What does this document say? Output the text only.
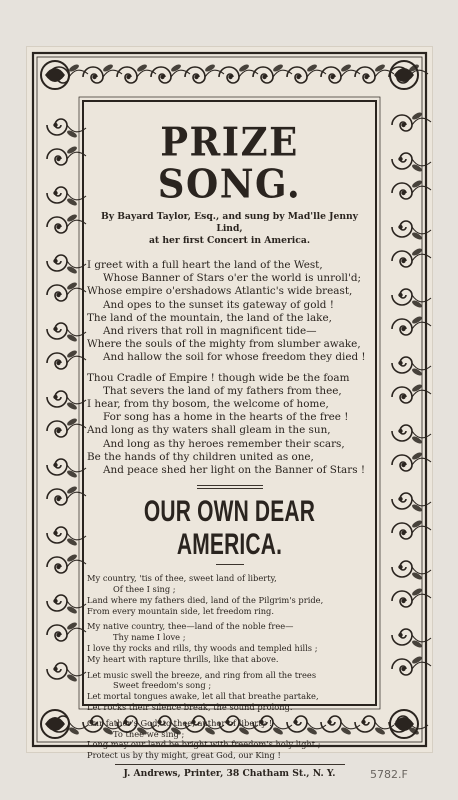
PRIZE SONG.
By Bayard Taylor, Esq., and sung by Mad'lle Jenny Lind,
at her first Concert in America.
I greet with a full heart the land of the West,
Whose Banner of Stars o'er the world is unroll'd;
Whose empire o'ershadows Atlantic's wide breast,
And opes to the sunset its gateway of gold !
The land of the mountain, the land of the lake,
And rivers that roll in magnificent tide—
Where the souls of the mighty from slumber awake,
And hallow the soil for whose freedom they died !
Thou Cradle of Empire ! though wide be the foam
That severs the land of my fathers from thee,
I hear, from thy bosom, the welcome of home,
For song has a home in the hearts of the free !
And long as thy waters shall gleam in the sun,
And long as thy heroes remember their scars,
Be the hands of thy children united as one,
And peace shed her light on the Banner of Stars !
OUR OWN DEAR AMERICA.
My country, 'tis of thee, sweet land of liberty,
Of thee I sing ;
Land where my fathers died, land of the Pilgrim's pride,
From every mountain side, let freedom ring.
My native country, thee—land of the noble free—
Thy name I love ;
I love thy rocks and rills, thy woods and templed hills ;
My heart with rapture thrills, like that above.
Let music swell the breeze, and ring from all the trees
Sweet freedom's song ;
Let mortal tongues awake, let all that breathe partake,
Let rocks their silence break, the sound prolong.
Our father's God, to thee, author of liberty !
To thee we sing ;
Long may our land be bright with freedom's holy light ;
Protect us by thy might, great God, our King !
J. Andrews, Printer, 38 Chatham St., N. Y.	5782.F
